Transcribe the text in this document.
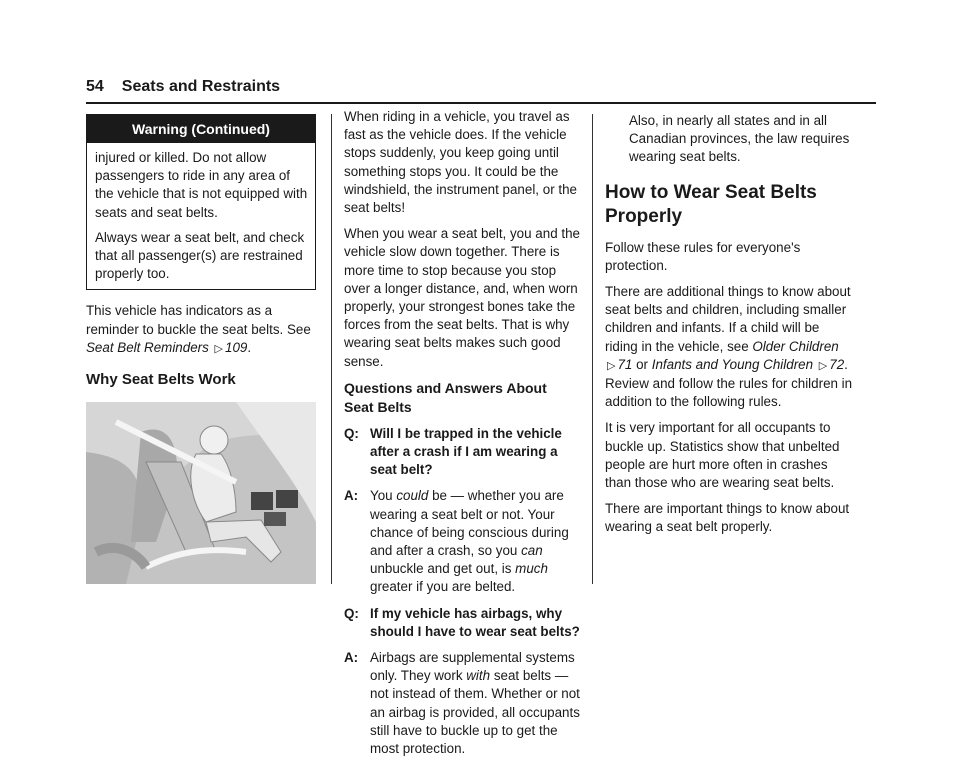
54 Seats and Restraints
Warning (Continued)

injured or killed. Do not allow passengers to ride in any area of the vehicle that is not equipped with seats and seat belts.

Always wear a seat belt, and check that all passenger(s) are restrained properly too.

This vehicle has indicators as a reminder to buckle the seat belts. See Seat Belt Reminders ▷ 109.

Why Seat Belts Work

When riding in a vehicle, you travel as fast as the vehicle does. If the vehicle stops suddenly, you keep going until something stops you. It could be the windshield, the instrument panel, or the seat belts!

When you wear a seat belt, you and the vehicle slow down together. There is more time to stop because you stop over a longer distance, and, when worn properly, your strongest bones take the forces from the seat belts. That is why wearing seat belts makes such good sense.

Questions and Answers About Seat Belts
Q: Will I be trapped in the vehicle after a crash if I am wearing a seat belt?
A: You could be — whether you are wearing a seat belt or not. Your chance of being conscious during and after a crash, so you can unbuckle and get out, is much greater if you are belted.
Q: If my vehicle has airbags, why should I have to wear seat belts?
A: Airbags are supplemental systems only. They work with seat belts — not instead of them. Whether or not an airbag is provided, all occupants still have to buckle up to get the most protection.

Also, in nearly all states and in all Canadian provinces, the law requires wearing seat belts.

How to Wear Seat Belts Properly

Follow these rules for everyone's protection.

There are additional things to know about seat belts and children, including smaller children and infants. If a child will be riding in the vehicle, see Older Children ▷ 71 or Infants and Young Children ▷ 72. Review and follow the rules for children in addition to the following rules.

It is very important for all occupants to buckle up. Statistics show that unbelted people are hurt more often in crashes than those who are wearing seat belts.

There are important things to know about wearing a seat belt properly.
